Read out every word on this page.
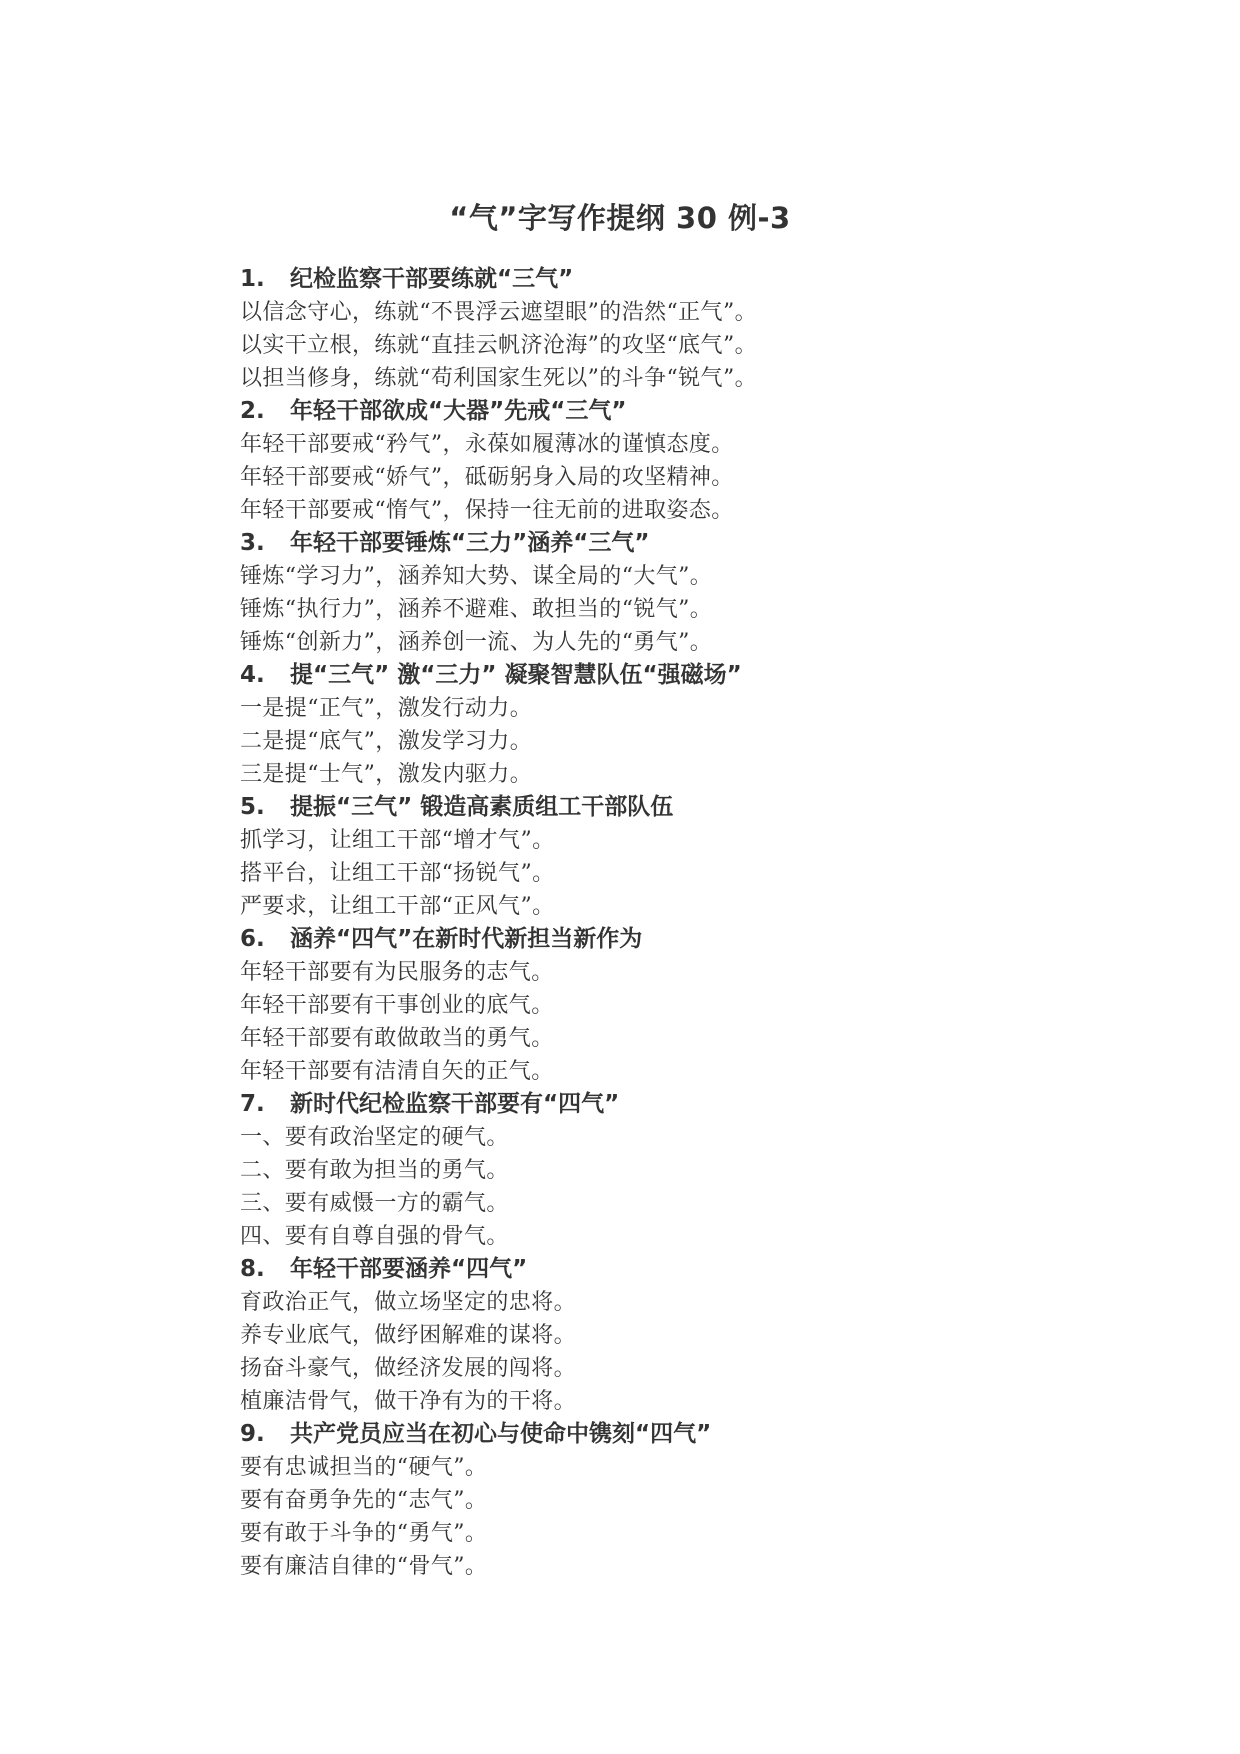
“气”字写作提纲 30 例-3
1. 纪检监察干部要练就“三气”
以信念守心，练就“不畏浮云遮望眼”的浩然“正气”。
以实干立根，练就“直挂云帆济沧海”的攻坚“底气”。
以担当修身，练就“苟利国家生死以”的斗争“锐气”。
2. 年轻干部欲成“大器”先戒“三气”
年轻干部要戒“矜气”，永葆如履薄冰的谨慎态度。
年轻干部要戒“娇气”，砥砺躬身入局的攻坚精神。
年轻干部要戒“惰气”，保持一往无前的进取姿态。
3. 年轻干部要锤炼“三力”涵养“三气”
锤炼“学习力”，涵养知大势、谋全局的“大气”。
锤炼“执行力”，涵养不避难、敢担当的“锐气”。
锤炼“创新力”，涵养创一流、为人先的“勇气”。
4. 提“三气” 激“三力” 凝聚智慧队伍“强磁场”
一是提“正气”，激发行动力。
二是提“底气”，激发学习力。
三是提“士气”，激发内驱力。
5. 提振“三气” 锻造高素质组工干部队伍
抓学习，让组工干部“增才气”。
搭平台，让组工干部“扬锐气”。
严要求，让组工干部“正风气”。
6. 涵养“四气”在新时代新担当新作为
年轻干部要有为民服务的志气。
年轻干部要有干事创业的底气。
年轻干部要有敢做敢当的勇气。
年轻干部要有洁清自矢的正气。
7. 新时代纪检监察干部要有“四气”
一、要有政治坚定的硬气。
二、要有敢为担当的勇气。
三、要有威慑一方的霸气。
四、要有自尊自强的骨气。
8. 年轻干部要涵养“四气”
育政治正气，做立场坚定的忠将。
养专业底气，做纾困解难的谋将。
扬奋斗豪气，做经济发展的闯将。
植廉洁骨气，做干净有为的干将。
9. 共产党员应当在初心与使命中镌刻“四气”
要有忠诚担当的“硬气”。
要有奋勇争先的“志气”。
要有敢于斗争的“勇气”。
要有廉洁自律的“骨气”。
